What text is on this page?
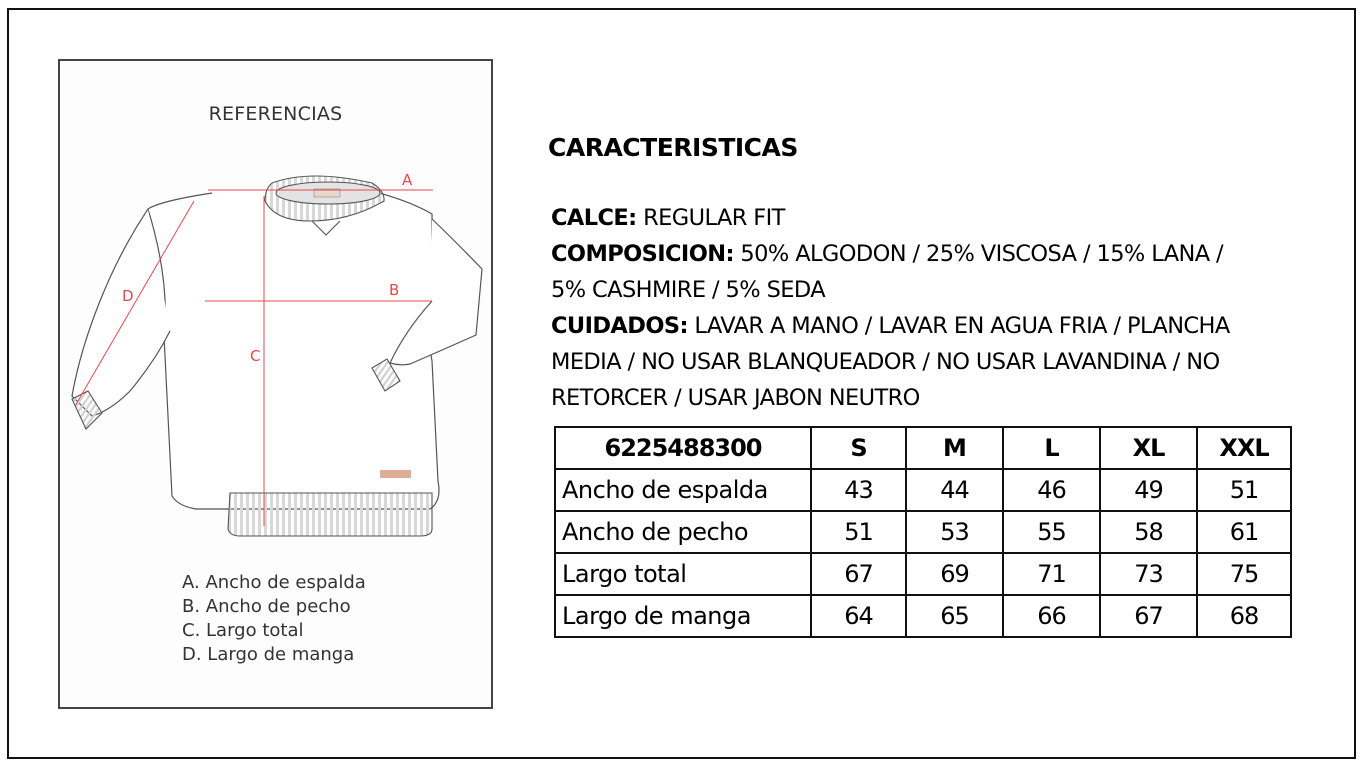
REFERENCIAS
A
B
C
D
A. Ancho de espalda
B. Ancho de pecho
C. Largo total
D. Largo de manga
CARACTERISTICAS
CALCE: REGULAR FIT
COMPOSICION: 50% ALGODON / 25% VISCOSA / 15% LANA /
5% CASHMIRE / 5% SEDA
CUIDADOS: LAVAR A MANO / LAVAR EN AGUA FRIA / PLANCHA
MEDIA / NO USAR BLANQUEADOR / NO USAR LAVANDINA / NO
RETORCER / USAR JABON NEUTRO
6225488300	S	M	L	XL	XXL
Ancho de espalda	43	44	46	49	51
Ancho de pecho	51	53	55	58	61
Largo total	67	69	71	73	75
Largo de manga	64	65	66	67	68
